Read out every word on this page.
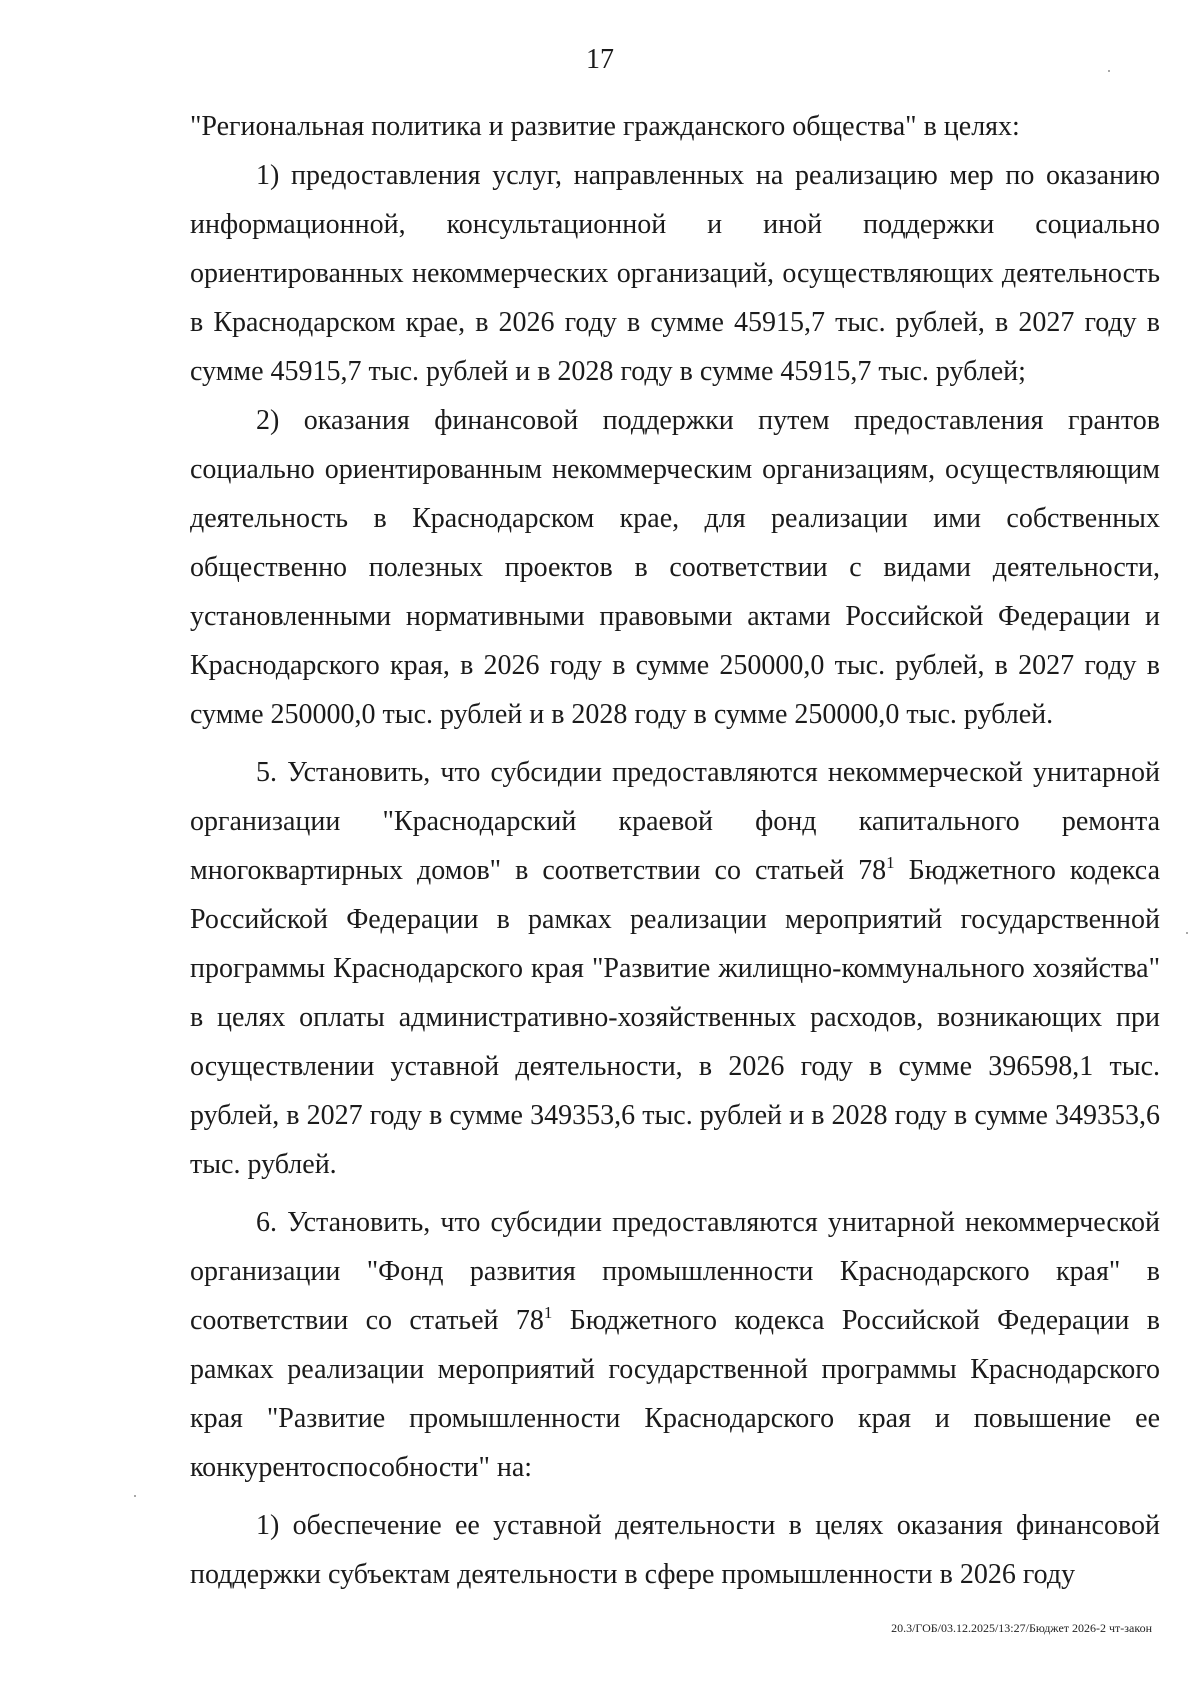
17

"Региональная политика и развитие гражданского общества" в целях:

1) предоставления услуг, направленных на реализацию мер по оказанию информационной, консультационной и иной поддержки социально ориентированных некоммерческих организаций, осуществляющих деятельность в Краснодарском крае, в 2026 году в сумме 45915,7 тыс. рублей, в 2027 году в сумме 45915,7 тыс. рублей и в 2028 году в сумме 45915,7 тыс. рублей;

2) оказания финансовой поддержки путем предоставления грантов социально ориентированным некоммерческим организациям, осуществляющим деятельность в Краснодарском крае, для реализации ими собственных общественно полезных проектов в соответствии с видами деятельности, установленными нормативными правовыми актами Российской Федерации и Краснодарского края, в 2026 году в сумме 250000,0 тыс. рублей, в 2027 году в сумме 250000,0 тыс. рублей и в 2028 году в сумме 250000,0 тыс. рублей.

5. Установить, что субсидии предоставляются некоммерческой унитарной организации "Краснодарский краевой фонд капитального ремонта многоквартирных домов" в соответствии со статьей $78^1$ Бюджетного кодекса Российской Федерации в рамках реализации мероприятий государственной программы Краснодарского края "Развитие жилищно-коммунального хозяйства" в целях оплаты административно-хозяйственных расходов, возникающих при осуществлении уставной деятельности, в 2026 году в сумме 396598,1 тыс. рублей, в 2027 году в сумме 349353,6 тыс. рублей и в 2028 году в сумме 349353,6 тыс. рублей.

6. Установить, что субсидии предоставляются унитарной некоммерческой организации "Фонд развития промышленности Краснодарского края" в соответствии со статьей $78^1$ Бюджетного кодекса Российской Федерации в рамках реализации мероприятий государственной программы Краснодарского края "Развитие промышленности Краснодарского края и повышение ее конкурентоспособности" на:

1) обеспечение ее уставной деятельности в целях оказания финансовой поддержки субъектам деятельности в сфере промышленности в 2026 году

20.3/ГОБ/03.12.2025/13:27/Бюджет 2026-2 чт-закон
